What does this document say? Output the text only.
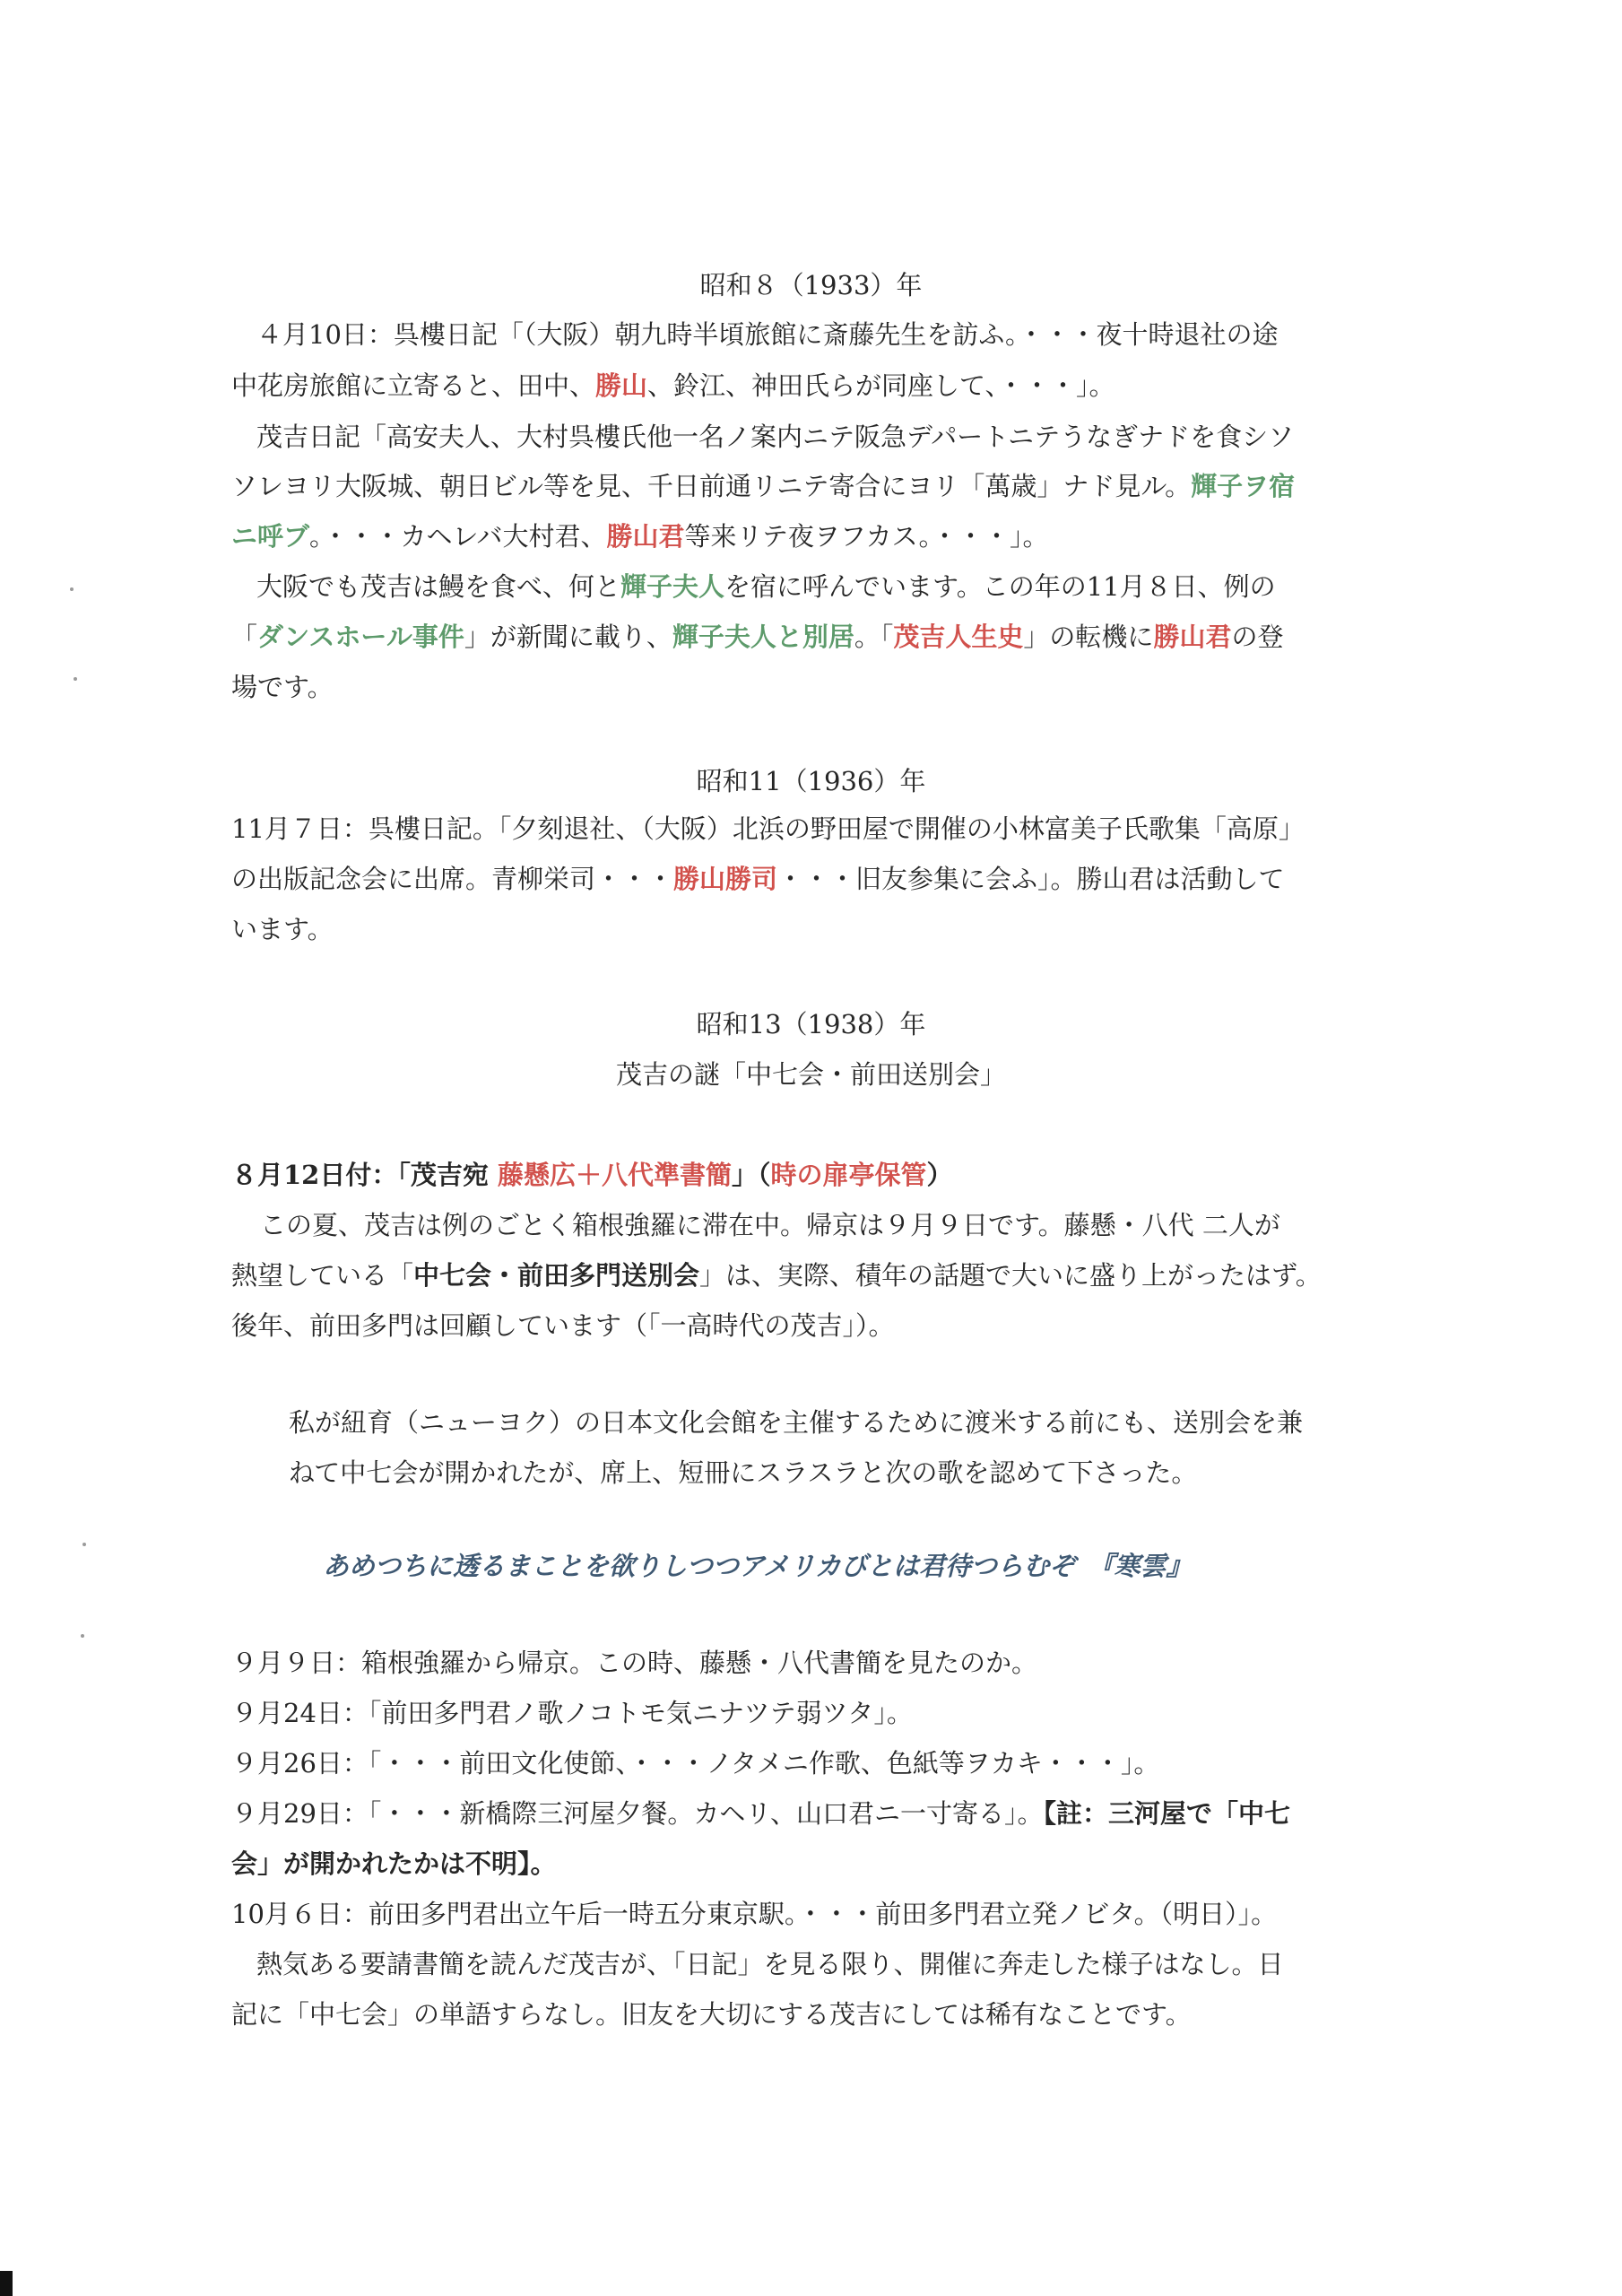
昭和８（1933）年
４月10日：呉樓日記「（大阪）朝九時半頃旅館に斎藤先生を訪ふ。・・・夜十時退社の途
中花房旅館に立寄ると、田中、勝山、鈴江、神田氏らが同座して、・・・」。
茂吉日記「高安夫人、大村呉樓氏他一名ノ案内ニテ阪急デパートニテうなぎナドを食シソ
ソレヨリ大阪城、朝日ビル等を見、千日前通リニテ寄合にヨリ「萬歳」ナド見ル。輝子ヲ宿
ニ呼ブ。・・・カヘレバ大村君、勝山君等来リテ夜ヲフカス。・・・」。
大阪でも茂吉は鰻を食べ、何と輝子夫人を宿に呼んでいます。この年の11月８日、例の
「ダンスホール事件」が新聞に載り、輝子夫人と別居。「茂吉人生史」の転機に勝山君の登
場です。
昭和11（1936）年
11月７日：呉樓日記。「夕刻退社、（大阪）北浜の野田屋で開催の小林富美子氏歌集「高原」
の出版記念会に出席。青柳栄司・・・勝山勝司・・・旧友参集に会ふ」。勝山君は活動して
います。
昭和13（1938）年
茂吉の謎「中七会・前田送別会」
８月12日付：「茂吉宛 藤懸広＋八代準書簡」（時の扉亭保管）
この夏、茂吉は例のごとく箱根強羅に滞在中。帰京は９月９日です。藤懸・八代 二人が
熱望している「中七会・前田多門送別会」は、実際、積年の話題で大いに盛り上がったはず。
後年、前田多門は回顧しています（「一高時代の茂吉」）。
私が紐育（ニューヨク）の日本文化会館を主催するために渡米する前にも、送別会を兼
ねて中七会が開かれたが、席上、短冊にスラスラと次の歌を認めて下さった。
あめつちに透るまことを欲りしつつアメリカびとは君待つらむぞ　『寒雲』
９月９日：箱根強羅から帰京。この時、藤懸・八代書簡を見たのか。
９月24日：「前田多門君ノ歌ノコトモ気ニナツテ弱ツタ」。
９月26日：「・・・前田文化使節、・・・ノタメニ作歌、色紙等ヲカキ・・・」。
９月29日：「・・・新橋際三河屋夕餐。カヘリ、山口君ニ一寸寄る」。【註：三河屋で「中七
会」が開かれたかは不明】。
10月６日：前田多門君出立午后一時五分東京駅。・・・前田多門君立発ノビタ。（明日）」。
熱気ある要請書簡を読んだ茂吉が、「日記」を見る限り、開催に奔走した様子はなし。日
記に「中七会」の単語すらなし。旧友を大切にする茂吉にしては稀有なことです。
